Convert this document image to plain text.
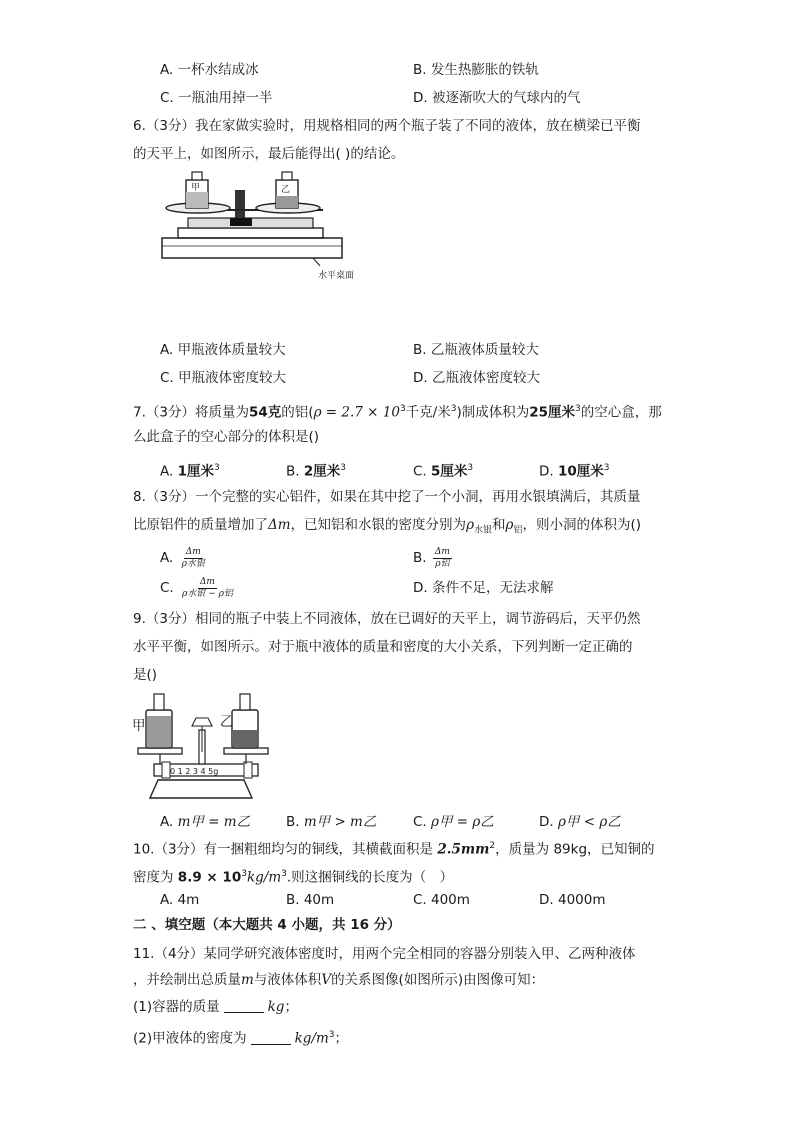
A. 一杯水结成冰	B. 发生热膨胀的铁轨
C. 一瓶油用掉一半	D. 被逐渐吹大的气球内的气
6.（3分）我在家做实验时，用规格相同的两个瓶子装了不同的液体，放在横梁已平衡
的天平上，如图所示，最后能得出( )的结论。
甲	乙
水平桌面
A. 甲瓶液体质量较大	B. 乙瓶液体质量较大
C. 甲瓶液体密度较大	D. 乙瓶液体密度较大
7.（3分）将质量为54克的铝($\rho = 2.7 \times 10^3$千克/米$^3$)制成体积为25厘米$^3$的空心盒，那
么此盒子的空心部分的体积是()
A. 1厘米$^3$	B. 2厘米$^3$	C. 5厘米$^3$	D. 10厘米$^3$
8.（3分）一个完整的实心铝件，如果在其中挖了一个小洞，再用水银填满后，其质量
比原铝件的质量增加了Δm，已知铝和水银的密度分别为$\rho_{水银}$和$\rho_铝$，则小洞的体积为()
A. $\frac{\Delta m}{\text{ρ水银}}$	B. $\frac{\Delta m}{\text{ρ铝}}$
C. $\frac{\Delta m}{\text{ρ水银 − ρ铝}}$	D. 条件不足，无法求解
9.（3分）相同的瓶子中装上不同液体，放在已调好的天平上，调节游码后，天平仍然
水平平衡，如图所示。对于瓶中液体的质量和密度的大小关系，下列判断一定正确的
是()
0 1 2 3 4 5g
甲	乙
A. m甲 = m乙	B. m甲 > m乙	C. ρ甲 = ρ乙	D. ρ甲 < ρ乙
10.（3分）有一捆粗细均匀的铜线，其横截面积是 $2.5mm^2$，质量为 89kg，已知铜的
密度为 $8.9 \times 10^3kg/m^3$.则这捆铜线的长度为（　）
A. 4m	B. 40m	C. 400m	D. 4000m
二 、填空题（本大题共 4 小题，共 16 分）
11.（4分）某同学研究液体密度时，用两个完全相同的容器分别装入甲、乙两种液体
，并绘制出总质量m与液体体积V的关系图像(如图所示)由图像可知：
(1)容器的质量	kg；
(2)甲液体的密度为	$kg/m^3$；
